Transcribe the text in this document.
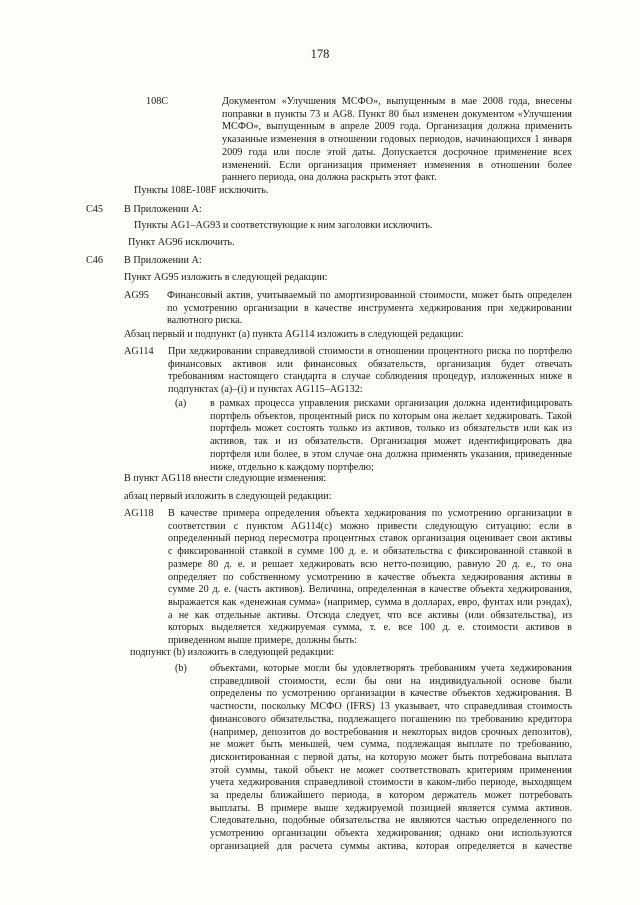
178
108C	Документом «Улучшения МСФО», выпущенным в мае 2008 года, внесены
поправки в пункты 73 и AG8. Пункт 80 был изменен документом «Улучшения
МСФО», выпущенным в апреле 2009 года. Организация должна применить
указанные изменения в отношении годовых периодов, начинающихся 1 января
2009 года или после этой даты. Допускается досрочное применение всех
изменений. Если организация применяет изменения в отношении более
раннего периода, она должна раскрыть этот факт.
Пункты 108E-108F исключить.
C45 В Приложении А:
Пункты AG1–AG93 и соответствующие к ним заголовки исключить.
Пункт AG96 исключить.
C46 В Приложении А:
Пункт AG95 изложить в следующей редакции:
AG95 Финансовый актив, учитываемый по амортизированной стоимости, может быть определен
по усмотрению организации в качестве инструмента хеджирования при хеджировании
валютного риска.
Абзац первый и подпункт (а) пункта AG114 изложить в следующей редакции:
AG114 При хеджировании справедливой стоимости в отношении процентного риска по портфелю
финансовых активов или финансовых обязательств, организация будет отвечать
требованиям настоящего стандарта в случае соблюдения процедур, изложенных ниже в
подпунктах (а)–(i) и пунктах AG115–AG132:
(a) в рамках процесса управления рисками организация должна идентифицировать
портфель объектов, процентный риск по которым она желает хеджировать. Такой
портфель может состоять только из активов, только из обязательств или как из
активов, так и из обязательств. Организация может идентифицировать два
портфеля или более, в этом случае она должна применять указания, приведенные
ниже, отдельно к каждому портфелю;
В пункт AG118 внести следующие изменения:
абзац первый изложить в следующей редакции:
AG118 В качестве примера определения объекта хеджирования по усмотрению организации в
соответствии с пунктом AG114(c) можно привести следующую ситуацию: если в
определенный период пересмотра процентных ставок организация оценивает свои активы
с фиксированной ставкой в сумме 100 д. е. и обязательства с фиксированной ставкой в
размере 80 д. е. и решает хеджировать всю нетто-позицию, равную 20 д. е., то она
определяет по собственному усмотрению в качестве объекта хеджирования активы в
сумме 20 д. е. (часть активов). Величина, определенная в качестве объекта хеджирования,
выражается как «денежная сумма» (например, сумма в долларах, евро, фунтах или рэндах),
а не как отдельные активы. Отсюда следует, что все активы (или обязательства), из
которых выделяется хеджируемая сумма, т. е. все 100 д. е. стоимости активов в
приведенном выше примере, должны быть:
подпункт (b) изложить в следующей редакции:
(b) объектами, которые могли бы удовлетворять требованиям учета хеджирования
справедливой стоимости, если бы они на индивидуальной основе были
определены по усмотрению организации в качестве объектов хеджирования. В
частности, поскольку МСФО (IFRS) 13 указывает, что справедливая стоимость
финансового обязательства, подлежащего погашению по требованию кредитора
(например, депозитов до востребования и некоторых видов срочных депозитов),
не может быть меньшей, чем сумма, подлежащая выплате по требованию,
дисконтированная с первой даты, на которую может быть потребована выплата
этой суммы, такой объект не может соответствовать критериям применения
учета хеджирования справедливой стоимости в каком-либо периоде, выходящем
за пределы ближайшего периода, в котором держатель может потребовать
выплаты. В примере выше хеджируемой позицией является сумма активов.
Следовательно, подобные обязательства не являются частью определенного по
усмотрению организации объекта хеджирования; однако они используются
организацией для расчета суммы актива, которая определяется в качестве
